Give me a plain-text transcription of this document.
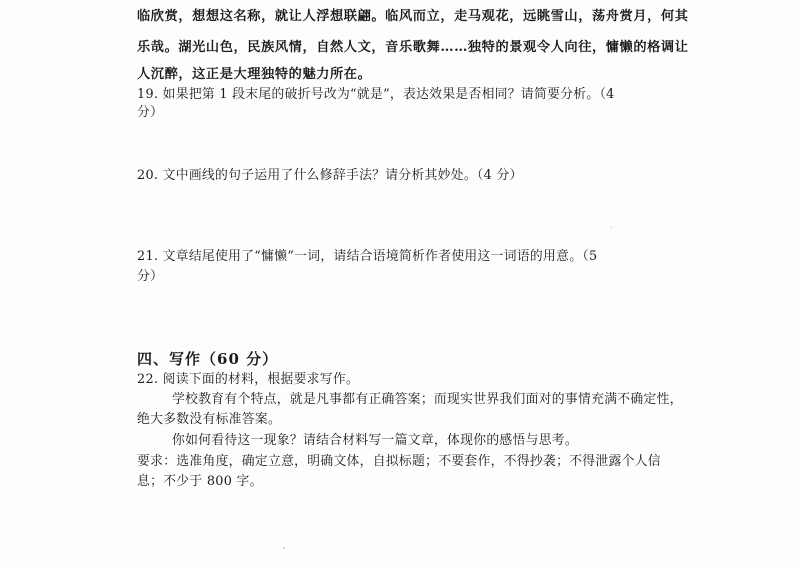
临欣赏，想想这名称，就让人浮想联翩。临风而立，走马观花，远眺雪山，荡舟赏月，何其
乐哉。湖光山色，民族风情，自然人文，音乐歌舞……独特的景观令人向往，慵懒的格调让
人沉醉，这正是大理独特的魅力所在。
19. 如果把第 1 段末尾的破折号改为“就是”，表达效果是否相同？请简要分析。（4
分）
20. 文中画线的句子运用了什么修辞手法？请分析其妙处。（4 分）
21. 文章结尾使用了“慵懒”一词，请结合语境简析作者使用这一词语的用意。（5
分）
四、写作（60 分）
22. 阅读下面的材料，根据要求写作。
学校教育有个特点，就是凡事都有正确答案；而现实世界我们面对的事情充满不确定性，
绝大多数没有标准答案。
你如何看待这一现象？请结合材料写一篇文章，体现你的感悟与思考。
要求：选准角度，确定立意，明确文体，自拟标题；不要套作，不得抄袭；不得泄露个人信
息；不少于 800 字。
